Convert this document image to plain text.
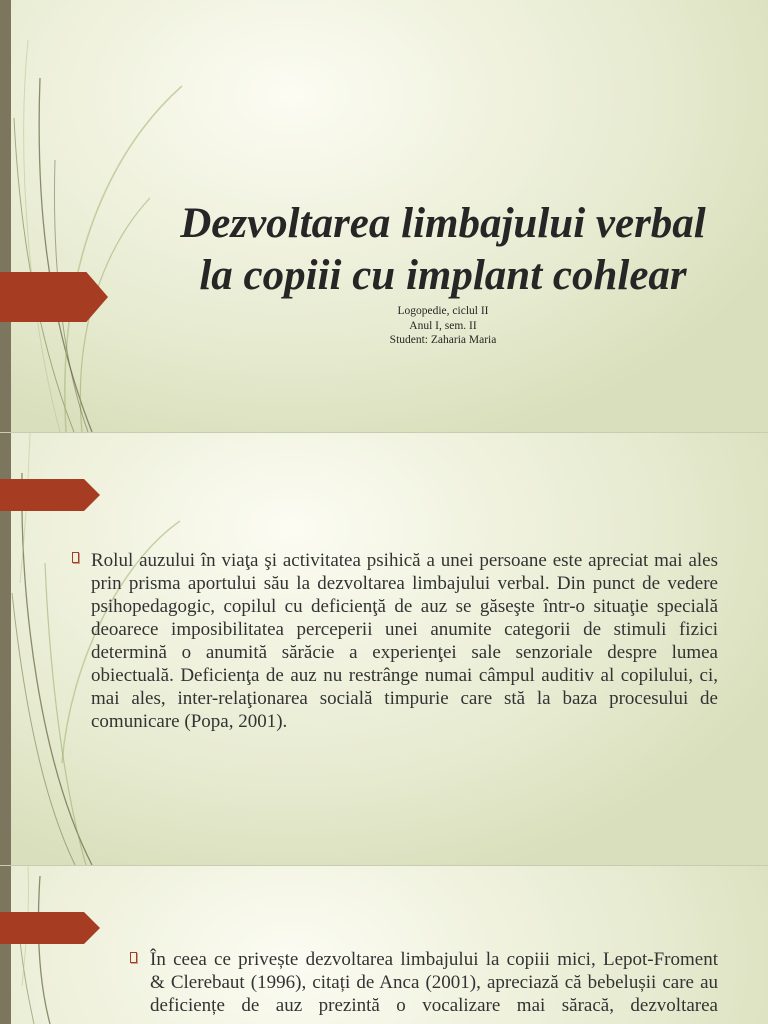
Dezvoltarea limbajului verbal
la copiii cu implant cohlear
Logopedie, ciclul II
Anul I, sem. II
Student: Zaharia Maria
Rolul auzului în viaţa şi activitatea psihică a unei persoane este apreciat mai ales
prin prisma aportului său la dezvoltarea limbajului verbal. Din punct de vedere
psihopedagogic, copilul cu deficienţă de auz se găseşte într-o situaţie specială
deoarece imposibilitatea perceperii unei anumite categorii de stimuli fizici
determină o anumită sărăcie a experienţei sale senzoriale despre lumea
obiectuală. Deficienţa de auz nu restrânge numai câmpul auditiv al copilului, ci,
mai ales, inter-relaţionarea socială timpurie care stă la baza procesului de
comunicare (Popa, 2001).
În ceea ce privește dezvoltarea limbajului la copiii mici, Lepot-Froment
& Clerebaut (1996), citați de Anca (2001), apreciază că bebelușii care au
deficiențe de auz prezintă o vocalizare mai săracă, dezvoltarea
